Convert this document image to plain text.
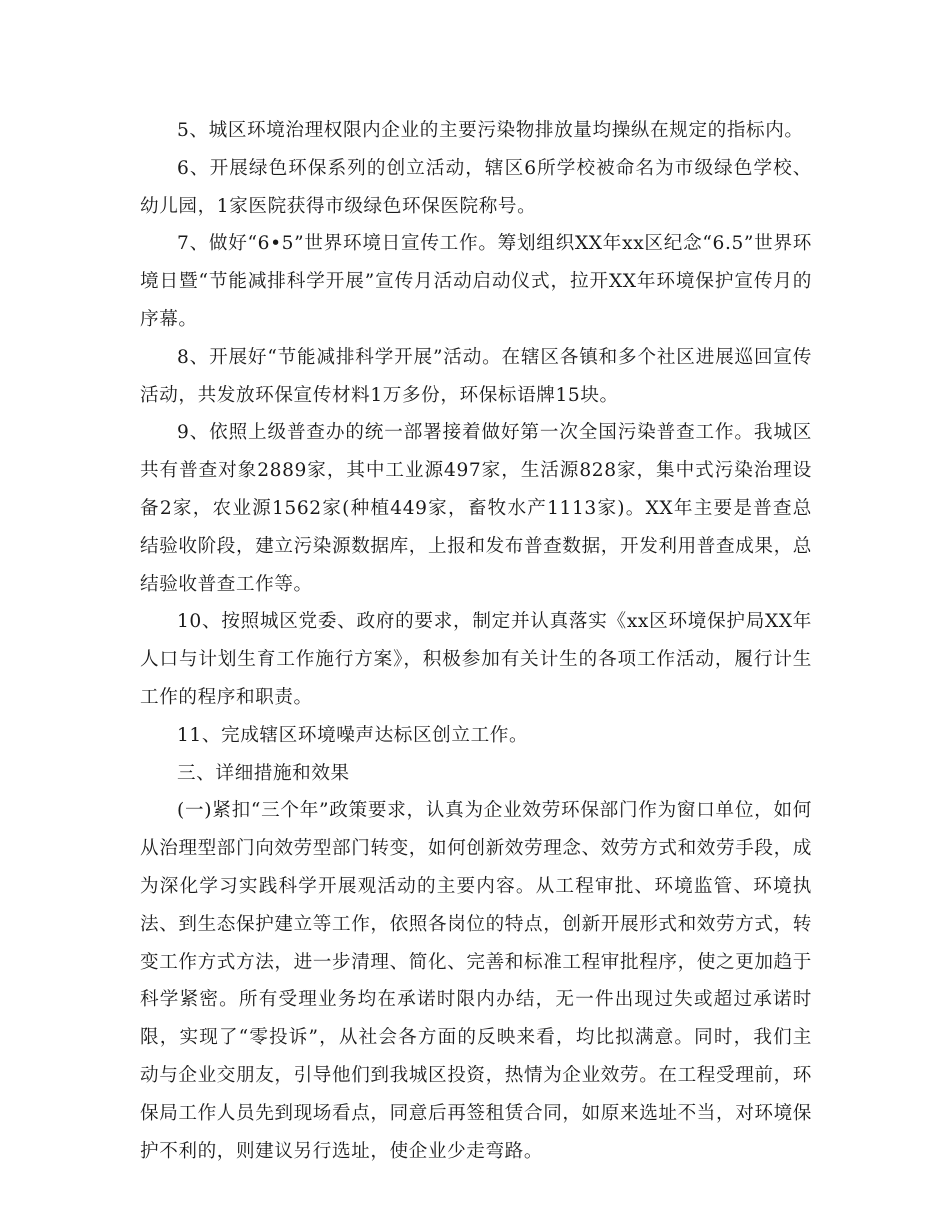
5、城区环境治理权限内企业的主要污染物排放量均操纵在规定的指标内。

6、开展绿色环保系列的创立活动，辖区6所学校被命名为市级绿色学校、幼儿园，1家医院获得市级绿色环保医院称号。

7、做好“6•5”世界环境日宣传工作。筹划组织XX年xx区纪念“6.5”世界环境日暨“节能减排科学开展”宣传月活动启动仪式，拉开XX年环境保护宣传月的序幕。

8、开展好“节能减排科学开展”活动。在辖区各镇和多个社区进展巡回宣传活动，共发放环保宣传材料1万多份，环保标语牌15块。

9、依照上级普查办的统一部署接着做好第一次全国污染普查工作。我城区共有普查对象2889家，其中工业源497家，生活源828家，集中式污染治理设备2家，农业源1562家(种植449家，畜牧水产1113家)。XX年主要是普查总结验收阶段，建立污染源数据库，上报和发布普查数据，开发利用普查成果，总结验收普查工作等。

10、按照城区党委、政府的要求，制定并认真落实《xx区环境保护局XX年人口与计划生育工作施行方案》，积极参加有关计生的各项工作活动，履行计生工作的程序和职责。

11、完成辖区环境噪声达标区创立工作。

三、详细措施和效果

(一)紧扣“三个年”政策要求，认真为企业效劳环保部门作为窗口单位，如何从治理型部门向效劳型部门转变，如何创新效劳理念、效劳方式和效劳手段，成为深化学习实践科学开展观活动的主要内容。从工程审批、环境监管、环境执法、到生态保护建立等工作，依照各岗位的特点，创新开展形式和效劳方式，转变工作方式方法，进一步清理、简化、完善和标准工程审批程序，使之更加趋于科学紧密。所有受理业务均在承诺时限内办结，无一件出现过失或超过承诺时限，实现了“零投诉”，从社会各方面的反映来看，均比拟满意。同时，我们主动与企业交朋友，引导他们到我城区投资，热情为企业效劳。在工程受理前，环保局工作人员先到现场看点，同意后再签租赁合同，如原来选址不当，对环境保护不利的，则建议另行选址，使企业少走弯路。
